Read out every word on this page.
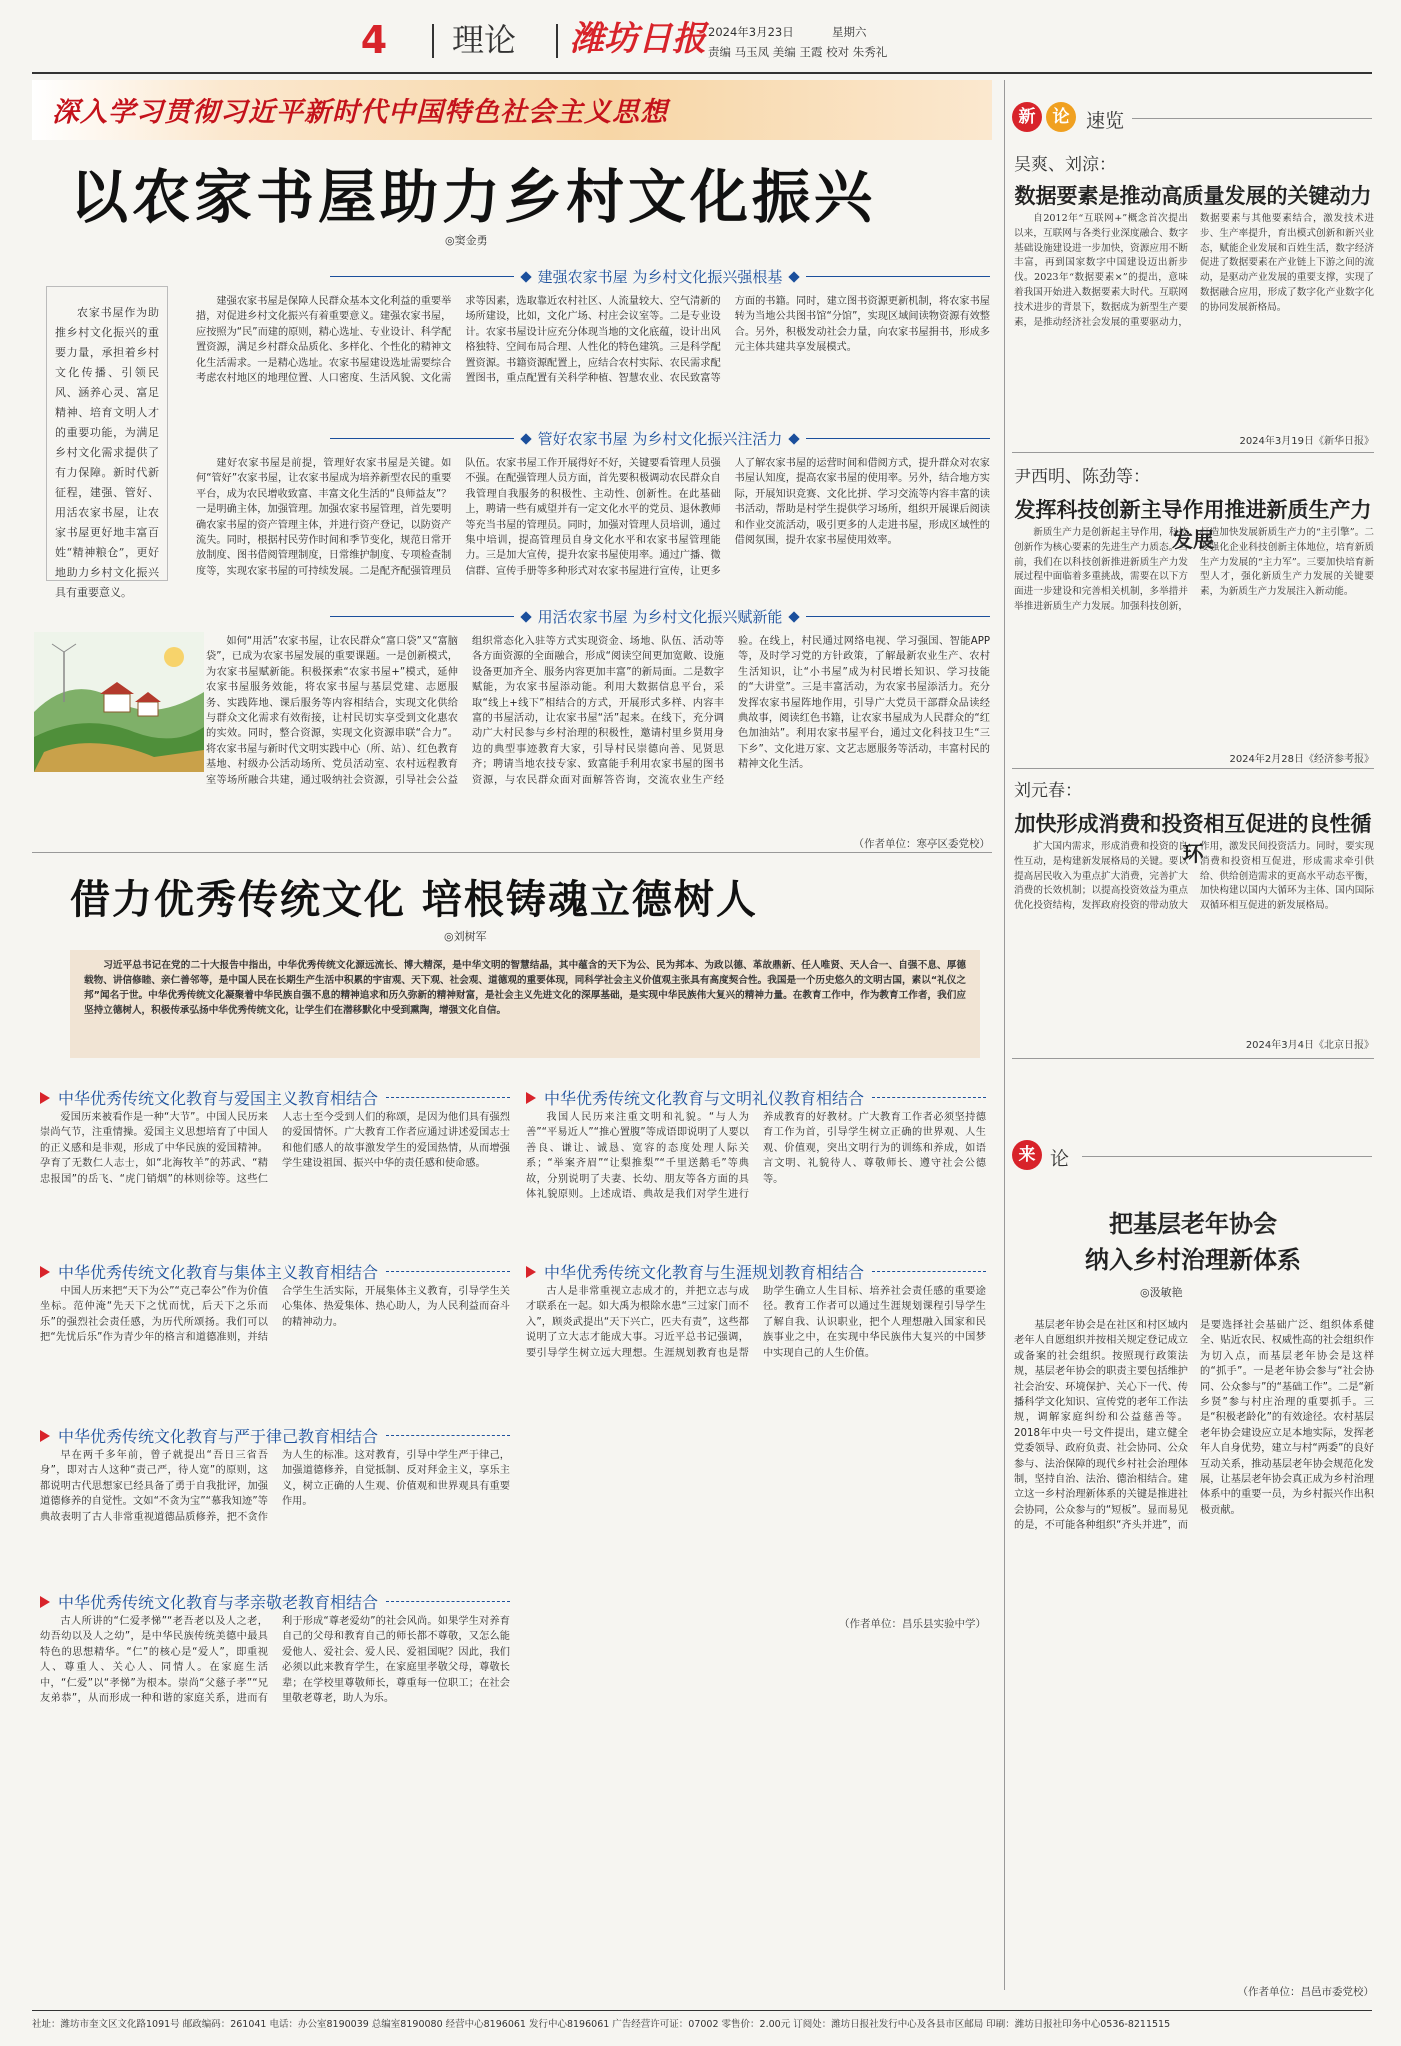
4	理论 潍坊日报 2024年3月23日	星期六
责编 马玉凤 美编 王霞 校对 朱秀礼
深入学习贯彻习近平新时代中国特色社会主义思想
以农家书屋助力乡村文化振兴
◎窦金勇
建强农家书屋 为乡村文化振兴强根基
农家书屋作为助推乡村文化振兴的重要力量，承担着乡村文化传播、引领民风、涵养心灵、富足精神、培育文明人才的重要功能，为满足乡村文化需求提供了有力保障。新时代新征程，建强、管好、用活农家书屋，让农家书屋更好地丰富百姓“精神粮仓”，更好地助力乡村文化振兴具有重要意义。
建强农家书屋是保障人民群众基本文化利益的重要举措，对促进乡村文化振兴有着重要意义。建强农家书屋，应按照为“民”而建的原则，精心选址、专业设计、科学配置资源，满足乡村群众品质化、多样化、个性化的精神文化生活需求。一是精心选址。农家书屋建设选址需要综合考虑农村地区的地理位置、人口密度、生活风貌、文化需求等因素，选取靠近农村社区、人流量较大、空气清新的场所建设，比如，文化广场、村庄会议室等。二是专业设计。农家书屋设计应充分体现当地的文化底蕴，设计出风格独特、空间布局合理、人性化的特色建筑。三是科学配置资源。书籍资源配置上，应结合农村实际、农民需求配置图书，重点配置有关科学种植、智慧农业、农民致富等方面的书籍。同时，建立图书资源更新机制，将农家书屋转为当地公共图书馆“分馆”，实现区域间读物资源有效整合。另外，积极发动社会力量，向农家书屋捐书，形成多元主体共建共享发展模式。
管好农家书屋 为乡村文化振兴注活力
建好农家书屋是前提，管理好农家书屋是关键。如何“管好”农家书屋，让农家书屋成为培养新型农民的重要平台，成为农民增收致富、丰富文化生活的“良师益友”？一是明确主体，加强管理。加强农家书屋管理，首先要明确农家书屋的资产管理主体，并进行资产登记，以防资产流失。同时，根据村民劳作时间和季节变化，规范日常开放制度、图书借阅管理制度，日常维护制度、专项检查制度等，实现农家书屋的可持续发展。二是配齐配强管理员队伍。农家书屋工作开展得好不好，关键要看管理人员强不强。在配强管理人员方面，首先要积极调动农民群众自我管理自我服务的积极性、主动性、创新性。在此基础上，聘请一些有威望并有一定文化水平的党员、退休教师等充当书屋的管理员。同时，加强对管理人员培训，通过集中培训，提高管理员自身文化水平和农家书屋管理能力。三是加大宣传，提升农家书屋使用率。通过广播、微信群、宣传手册等多种形式对农家书屋进行宣传，让更多人了解农家书屋的运营时间和借阅方式，提升群众对农家书屋认知度，提高农家书屋的使用率。另外，结合地方实际，开展知识竞赛、文化比拼、学习交流等内容丰富的读书活动，帮助是村学生提供学习场所，组织开展课后阅读和作业交流活动，吸引更多的人走进书屋，形成区域性的借阅氛围，提升农家书屋使用效率。
用活农家书屋 为乡村文化振兴赋新能
如何“用活”农家书屋，让农民群众“富口袋”又“富脑袋”，已成为农家书屋发展的重要课题。一是创新模式，为农家书屋赋新能。积极探索“农家书屋+”模式，延伸农家书屋服务效能，将农家书屋与基层党建、志愿服务、实践阵地、课后服务等内容相结合，实现文化供给与群众文化需求有效衔接，让村民切实享受到文化惠农的实效。同时，整合资源，实现文化资源串联“合力”。将农家书屋与新时代文明实践中心（所、站）、红色教育基地、村级办公活动场所、党员活动室、农村远程教育室等场所融合共建，通过吸纳社会资源，引导社会公益组织常态化入驻等方式实现资金、场地、队伍、活动等各方面资源的全面融合，形成“阅读空间更加宽敞、设施设备更加齐全、服务内容更加丰富”的新局面。二是数字赋能，为农家书屋添动能。利用大数据信息平台，采取“线上+线下”相结合的方式，开展形式多样、内容丰富的书屋活动，让农家书屋“活”起来。在线下，充分调动广大村民参与乡村治理的积极性，邀请村里乡贤用身边的典型事迹教育大家，引导村民崇德向善、见贤思齐；聘请当地农技专家、致富能手利用农家书屋的图书资源，与农民群众面对面解答咨询，交流农业生产经验。在线上，村民通过网络电视、学习强国、智能APP等，及时学习党的方针政策，了解最新农业生产、农村生活知识，让“小书屋”成为村民增长知识、学习技能的“大讲堂”。三是丰富活动，为农家书屋添活力。充分发挥农家书屋阵地作用，引导广大党员干部群众品读经典故事，阅读红色书籍，让农家书屋成为人民群众的“红色加油站”。利用农家书屋平台，通过文化科技卫生“三下乡”、文化进万家、文艺志愿服务等活动，丰富村民的精神文化生活。
（作者单位：寒亭区委党校）
借力优秀传统文化 培根铸魂立德树人
◎刘树军
习近平总书记在党的二十大报告中指出，中华优秀传统文化源远流长、博大精深，是中华文明的智慧结晶，其中蕴含的天下为公、民为邦本、为政以德、革故鼎新、任人唯贤、天人合一、自强不息、厚德载物、讲信修睦、亲仁善邻等，是中国人民在长期生产生活中积累的宇宙观、天下观、社会观、道德观的重要体现，同科学社会主义价值观主张具有高度契合性。我国是一个历史悠久的文明古国，素以“礼仪之邦”闻名于世。中华优秀传统文化凝聚着中华民族自强不息的精神追求和历久弥新的精神财富，是社会主义先进文化的深厚基础，是实现中华民族伟大复兴的精神力量。在教育工作中，作为教育工作者，我们应坚持立德树人，积极传承弘扬中华优秀传统文化，让学生们在潜移默化中受到熏陶，增强文化自信。
中华优秀传统文化教育与爱国主义教育相结合
爱国历来被看作是一种“大节”。中国人民历来崇尚气节，注重情操。爱国主义思想培育了中国人的正义感和是非观，形成了中华民族的爱国精神。孕育了无数仁人志士，如“北海牧羊”的苏武、“精忠报国”的岳飞、“虎门销烟”的林则徐等。这些仁人志士至今受到人们的称颂，是因为他们具有强烈的爱国情怀。广大教育工作者应通过讲述爱国志士和他们感人的故事激发学生的爱国热情，从而增强学生建设祖国、振兴中华的责任感和使命感。
中华优秀传统文化教育与文明礼仪教育相结合
我国人民历来注重文明和礼貌。“与人为善”“平易近人”“推心置腹”等成语即说明了人要以善良、谦让、诚恳、宽容的态度处理人际关系；“举案齐眉”“让梨推梨”“千里送鹅毛”等典故，分别说明了夫妻、长幼、朋友等各方面的具体礼貌原则。上述成语、典故是我们对学生进行养成教育的好教材。广大教育工作者必须坚持德育工作为首，引导学生树立正确的世界观、人生观、价值观，突出文明行为的训练和养成，如语言文明、礼貌待人、尊敬师长、遵守社会公德等。
中华优秀传统文化教育与集体主义教育相结合
中国人历来把“天下为公”“克己奉公”作为价值坐标。范仲淹“先天下之忧而忧，后天下之乐而乐”的强烈社会责任感，为历代所颂扬。我们可以把“先忧后乐”作为青少年的格言和道德准则，并结合学生生活实际，开展集体主义教育，引导学生关心集体、热爱集体、热心助人，为人民利益而奋斗的精神动力。
中华优秀传统文化教育与生涯规划教育相结合
古人是非常重视立志成才的，并把立志与成才联系在一起。如大禹为根除水患“三过家门而不入”，顾炎武提出“天下兴亡，匹夫有责”，这些都说明了立大志才能成大事。习近平总书记强调，要引导学生树立远大理想。生涯规划教育也是帮助学生确立人生目标、培养社会责任感的重要途径。教育工作者可以通过生涯规划课程引导学生了解自我、认识职业，把个人理想融入国家和民族事业之中，在实现中华民族伟大复兴的中国梦中实现自己的人生价值。
中华优秀传统文化教育与严于律己教育相结合
早在两千多年前，曾子就提出“吾日三省吾身”，即对古人这种“责己严，待人宽”的原则，这都说明古代思想家已经具备了勇于自我批评，加强道德修养的自觉性。文如“不贪为宝”“慕我知迹”等典故表明了古人非常重视道德品质修养，把不贪作为人生的标准。这对教育，引导中学生严于律己，加强道德修养，自觉抵制、反对拜金主义，享乐主义，树立正确的人生观、价值观和世界观具有重要作用。
中华优秀传统文化教育与孝亲敬老教育相结合
古人所讲的“仁爱孝悌”“老吾老以及人之老，幼吾幼以及人之幼”，是中华民族传统美德中最具特色的思想精华。“仁”的核心是“爱人”，即重视人、尊重人、关心人、同情人。在家庭生活中，“仁爱”以“孝悌”为根本。崇尚“父慈子孝”“兄友弟恭”，从而形成一种和谐的家庭关系，进而有利于形成“尊老爱幼”的社会风尚。如果学生对养育自己的父母和教育自己的师长都不尊敬，又怎么能爱他人、爱社会、爱人民、爱祖国呢？因此，我们必须以此来教育学生，在家庭里孝敬父母，尊敬长辈；在学校里尊敬师长，尊重每一位职工；在社会里敬老尊老，助人为乐。
（作者单位：昌乐县实验中学）
新	论 速览
吴爽、刘涼：
数据要素是推动高质量发展的关键动力
自2012年“互联网+”概念首次提出以来，互联网与各类行业深度融合、数字基础设施建设进一步加快，资源应用不断丰富，再到国家数字中国建设迈出新步伐。2023年“数据要素×”的提出，意味着我国开始进入数据要素大时代。互联网技术进步的背景下，数据成为新型生产要素，是推动经济社会发展的重要驱动力，数据要素与其他要素结合，激发技术进步、生产率提升，育出模式创新和新兴业态，赋能企业发展和百姓生活，数字经济促进了数据要素在产业链上下游之间的流动，是驱动产业发展的重要支撑，实现了数据融合应用，形成了数字化产业数字化的协同发展新格局。
2024年3月19日《新华日报》
尹西明、陈劲等：
发挥科技创新主导作用推进新质生产力发展
新质生产力是创新起主导作用，科技创新作为核心要素的先进生产力质态。当前，我们在以科技创新推进新质生产力发展过程中面临着多重挑战，需要在以下方面进一步建设和完善相关机制，多举措并举推进新质生产力发展。加强科技创新，打造加快发展新质生产力的“主引擎”。二要强化企业科技创新主体地位，培育新质生产力发展的“主力军”。三要加快培育新型人才，强化新质生产力发展的关键要素，为新质生产力发展注入新动能。
2024年2月28日《经济参考报》
刘元春：
加快形成消费和投资相互促进的良性循环
扩大国内需求，形成消费和投资的良性互动，是构建新发展格局的关键。要以提高居民收入为重点扩大消费，完善扩大消费的长效机制；以提高投资效益为重点优化投资结构，发挥政府投资的带动放大作用，激发民间投资活力。同时，要实现消费和投资相互促进，形成需求牵引供给、供给创造需求的更高水平动态平衡，加快构建以国内大循环为主体、国内国际双循环相互促进的新发展格局。
2024年3月4日《北京日报》
来 论
把基层老年协会
纳入乡村治理新体系
◎汲敏艳
基层老年协会是在社区和村区域内老年人自愿组织并按相关规定登记成立或备案的社会组织。按照现行政策法规，基层老年协会的职责主要包括维护社会治安、环境保护、关心下一代、传播科学文化知识、宣传党的老年工作法规，调解家庭纠纷和公益慈善等。2018年中央一号文件提出，建立健全党委领导、政府负责、社会协同、公众参与、法治保障的现代乡村社会治理体制，坚持自治、法治、德治相结合。建立这一乡村治理新体系的关键是推进社会协同，公众参与的“短板”。显而易见的是，不可能各种组织“齐头并进”，而是要选择社会基础广泛、组织体系健全、贴近农民、权威性高的社会组织作为切入点，而基层老年协会是这样的“抓手”。一是老年协会参与“社会协同、公众参与”的“基础工作”。二是“新乡贤”参与村庄治理的重要抓手。三是“积极老龄化”的有效途径。农村基层老年协会建设应立足本地实际，发挥老年人自身优势，建立与村“两委”的良好互动关系，推动基层老年协会规范化发展，让基层老年协会真正成为乡村治理体系中的重要一员，为乡村振兴作出积极贡献。
（作者单位：昌邑市委党校）
社址：潍坊市奎文区文化路1091号 邮政编码：261041 电话：办公室8190039 总编室8190080 经营中心8196061 发行中心8196061 广告经营许可证：07002 零售价：2.00元 订阅处：潍坊日报社发行中心及各县市区邮局 印刷：潍坊日报社印务中心0536-8211515
